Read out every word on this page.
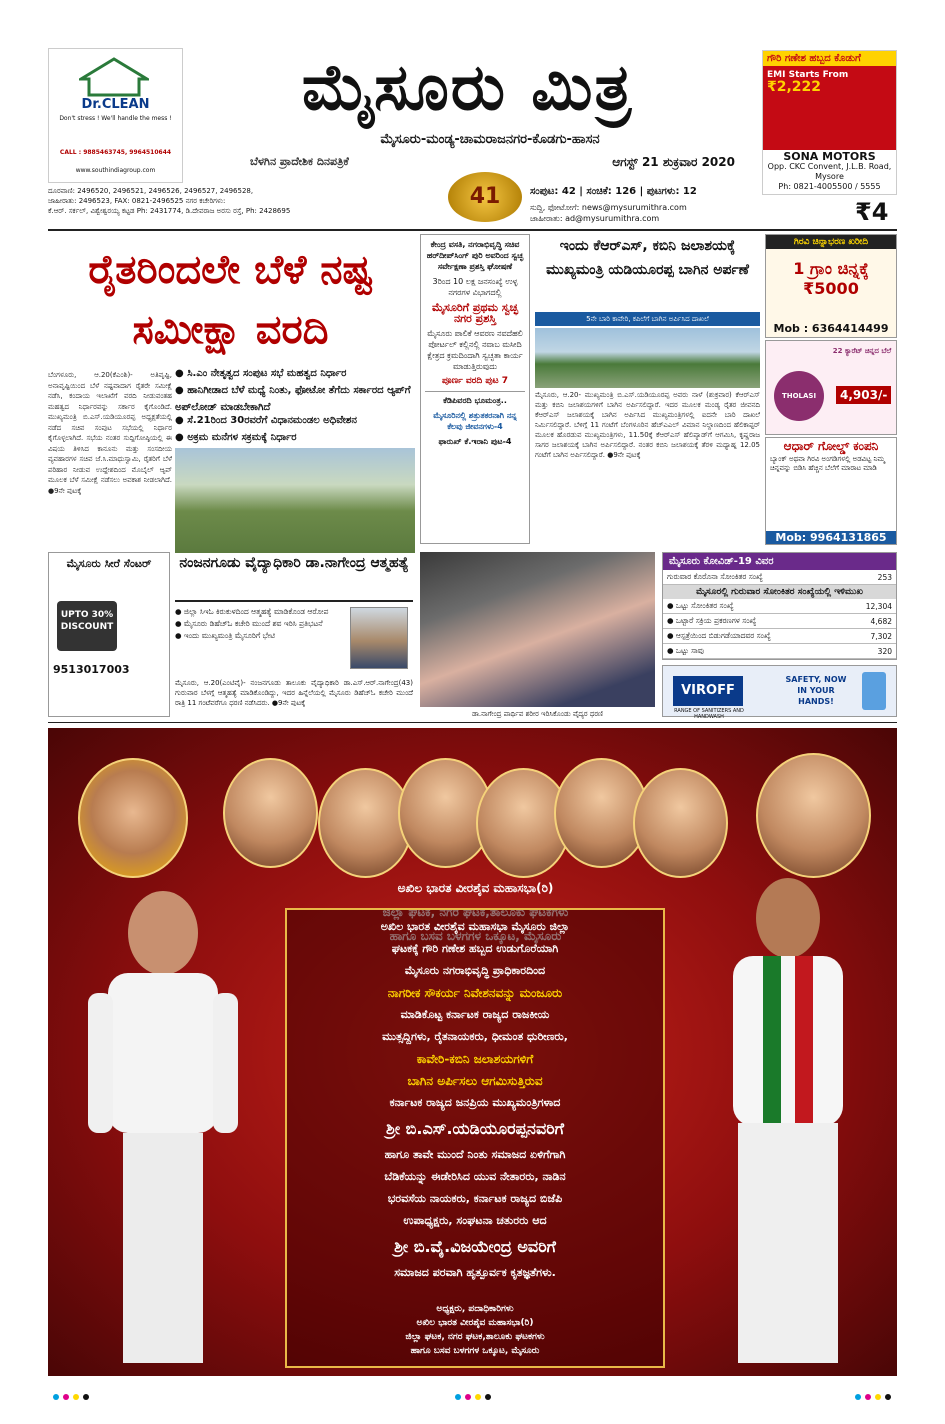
Dr.CLEAN
Don't stress ! We'll handle the mess !
CALL : 9885463745, 9964510644
www.southindiagroup.com
ಮೈಸೂರು ಮಿತ್ರ
ಮೈಸೂರು-ಮಂಡ್ಯ-ಚಾಮರಾಜನಗರ-ಕೊಡಗು-ಹಾಸನ
ಬೆಳಗಿನ ಪ್ರಾದೇಶಿಕ ದಿನಪತ್ರಿಕೆ	ಆಗಸ್ಟ್ 21 ಶುಕ್ರವಾರ 2020
ಗೌರಿ ಗಣೇಶ ಹಬ್ಬದ ಕೊಡುಗೆ
EMI Starts From
₹2,222
SONA MOTORS
Opp. CKC Convent, J.L.B. Road, Mysore
Ph: 0821-4005500 / 5555
ದೂರವಾಣಿ: 2496520, 2496521, 2496526, 2496527, 2496528,
ಜಾಹೀರಾತು: 2496523, FAX: 0821-2496525 ನಗರ ಕಚೇರಿಗಳು:
ಕೆ.ಆರ್. ಸರ್ಕಲ್, ವಿಶ್ವೇಶ್ವರಯ್ಯ ಕಟ್ಟಡ Ph: 2431774, ಡಿ.ದೇವರಾಜ ಅರಸು ರಸ್ತೆ, Ph: 2428695
41	ಸಂಪುಟ: 42 | ಸಂಚಿಕೆ: 126 | ಪುಟಗಳು: 12
ಸುದ್ದಿ, ಫೋಟೋಗೆ: news@mysurumithra.com
ಜಾಹೀರಾತು: ad@mysurumithra.com	₹4
ರೈತರಿಂದಲೇ ಬೆಳೆ ನಷ್ಟ ಸಮೀಕ್ಷಾ ವರದಿ
ಬೆಂಗಳೂರು, ಆ.20(ಕೆಎಂಶಿ)- ಅತಿವೃಷ್ಟಿ, ಅನಾವೃಷ್ಟಿಯಿಂದ ಬೆಳೆ ನಷ್ಟವಾದಾಗ ರೈತರೇ ಸಮೀಕ್ಷೆ ನಡೆಸಿ, ಕಂದಾಯ ಇಲಾಖೆಗೆ ವರದಿ ನೀಡುವಂತಹ ಮಹತ್ವದ ನಿರ್ಧಾರವನ್ನು ಸರ್ಕಾರ ಕೈಗೊಂಡಿದೆ. ಮುಖ್ಯಮಂತ್ರಿ ಬಿ.ಎಸ್.ಯಡಿಯೂರಪ್ಪ ಅಧ್ಯಕ್ಷತೆಯಲ್ಲಿ ನಡೆದ ಸಚಿವ ಸಂಪುಟ ಸಭೆಯಲ್ಲಿ ನಿರ್ಧಾರ ಕೈಗೊಳ್ಳಲಾಗಿದೆ. ಸಭೆಯ ನಂತರ ಸುದ್ದಿಗೋಷ್ಠಿಯಲ್ಲಿ ಈ ವಿಷಯ ತಿಳಿಸಿದ ಕಾನೂನು ಮತ್ತು ಸಂಸದೀಯ ವ್ಯವಹಾರಗಳ ಸಚಿವ ಜೆ.ಸಿ.ಮಾಧುಸ್ವಾಮಿ, ರೈತರಿಗೆ ಬೆಳೆ ಪರಿಹಾರ ನೀಡುವ ಉದ್ದೇಶದಿಂದ ಮೊಬೈಲ್ ಆ್ಯಪ್ ಮೂಲಕ ಬೆಳೆ ಸಮೀಕ್ಷೆ ನಡೆಸಲು ಅವಕಾಶ ನೀಡಲಾಗಿದೆ. ●9ನೇ ಪುಟಕ್ಕೆ
● ಸಿ.ಎಂ ನೇತೃತ್ವದ ಸಂಪುಟ ಸಭೆ ಮಹತ್ವದ ನಿರ್ಧಾರ
● ಹಾನಿಗೀಡಾದ ಬೆಳೆ ಮಧ್ಯೆ ನಿಂತು, ಫೋಟೋ ತೆಗೆದು ಸರ್ಕಾರದ ಆ್ಯಪ್‌ಗೆ ಅಪ್‌ಲೋಡ್ ಮಾಡಬೇಕಾಗಿದೆ
● ಸೆ.21ರಿಂದ 30ರವರೆಗೆ ವಿಧಾನಮಂಡಲ ಅಧಿವೇಶನ
● ಅಕ್ರಮ ಮನೆಗಳ ಸಕ್ರಮಕ್ಕೆ ನಿರ್ಧಾರ
ಕೇಂದ್ರ ವಸತಿ, ನಗರಾಭಿವೃದ್ಧಿ ಸಚಿವ ಹರ್‌ದೀಪ್‌ಸಿಂಗ್ ಪುರಿ ಅವರಿಂದ ಸ್ವಚ್ಛ ಸರ್ವೇಕ್ಷಣಾ ಪ್ರಶಸ್ತಿ ಘೋಷಣೆ
3ರಿಂದ 10 ಲಕ್ಷ ಜನಸಂಖ್ಯೆ ಉಳ್ಳ ನಗರಗಳ ವಿಭಾಗದಲ್ಲಿ
ಮೈಸೂರಿಗೆ ಪ್ರಥಮ ಸ್ವಚ್ಛ ನಗರ ಪ್ರಶಸ್ತಿ
ಮೈಸೂರು ಪಾಲಿಕೆ ಆವರಣ ನವದೆಹಲಿ ಪೋರ್ಟಲ್ ಕಲ್ಲಿನಲ್ಲಿ ನವಾಬ ಮಸೀದಿ ಕ್ಷೇತ್ರದ ಕ್ರಮದಿಂದಾಗಿ ಸ್ವಚ್ಛತಾ ಕಾರ್ಯ ಮಾಡುತ್ತಿರುವುದು
ಪೂರ್ಣ ವರದಿ ಪುಟ 7
ಕೆಡಿಪಿವರದಿ ಭೂಮಂತ್ರ..
ಮೈಸೂರಿನಲ್ಲಿ ಶತ್ರುತಕರನಾಗಿ ನನ್ನ ಕೆಲವು ಜೀವನಗಳು-4
ಫಾರುಖ್ ಕೆ.ಇರಾನಿ ಪುಟ-4
ಇಂದು ಕೆಆರ್‌ಎಸ್, ಕಬಿನಿ ಜಲಾಶಯಕ್ಕೆ ಮುಖ್ಯಮಂತ್ರಿ ಯಡಿಯೂರಪ್ಪ ಬಾಗಿನ ಅರ್ಪಣೆ
5ನೇ ಬಾರಿ ಕಾವೇರಿ, ಕಪಿಲೆಗೆ ಬಾಗಿನ ಅರ್ಪಿಸಿದ ದಾಖಲೆ
ಮೈಸೂರು, ಆ.20- ಮುಖ್ಯಮಂತ್ರಿ ಬಿ.ಎಸ್.ಯಡಿಯೂರಪ್ಪ ಅವರು ನಾಳೆ (ಶುಕ್ರವಾರ) ಕೆಆರ್‌ಎಸ್ ಮತ್ತು ಕಬಿನಿ ಜಲಾಶಯಗಳಿಗೆ ಬಾಗಿನ ಅರ್ಪಿಸಲಿದ್ದಾರೆ. ಇದರ ಮೂಲಕ ಮಂಡ್ಯ ರೈತರ ಜೀವನದಿ ಕೆಆರ್‌ಎಸ್ ಜಲಾಶಯಕ್ಕೆ ಬಾಗಿನ ಅರ್ಪಿಸಿದ ಮುಖ್ಯಮಂತ್ರಿಗಳಲ್ಲಿ ಐದನೇ ಬಾರಿ ದಾಖಲೆ ನಿರ್ಮಿಸಲಿದ್ದಾರೆ. ಬೆಳಿಗ್ಗೆ 11 ಗಂಟೆಗೆ ಬೆಂಗಳೂರಿನ ಹೆಚ್‌ಎಎಲ್ ವಿಮಾನ ನಿಲ್ದಾಣದಿಂದ ಹೆಲಿಕಾಪ್ಟರ್ ಮೂಲಕ ಹೊರಡುವ ಮುಖ್ಯಮಂತ್ರಿಗಳು, 11.50ಕ್ಕೆ ಕೆಆರ್‌ಎಸ್ ಹೆಲಿಪ್ಯಾಡ್‌ಗೆ ಆಗಮಿಸಿ, ಕೃಷ್ಣರಾಜ ಸಾಗರ ಜಲಾಶಯಕ್ಕೆ ಬಾಗಿನ ಅರ್ಪಿಸಲಿದ್ದಾರೆ. ನಂತರ ಕಬಿನಿ ಜಲಾಶಯಕ್ಕೆ ತೆರಳಿ ಮಧ್ಯಾಹ್ನ 12.05 ಗಂಟೆಗೆ ಬಾಗಿನ ಅರ್ಪಿಸಲಿದ್ದಾರೆ. ●9ನೇ ಪುಟಕ್ಕೆ
ಗಿರವಿ ಚಿನ್ನಾಭರಣ ಖರೀದಿ
1 ಗ್ರಾಂ ಚಿನ್ನಕ್ಕೆ ₹5000
Mob : 6364414499
22 ಕ್ಯಾರೆಟ್ ಚಿನ್ನದ ಬೆಲೆ
THOLASI	4,903/-
ಆಧಾರ್ ಗೋಲ್ಡ್ ಕಂಪನಿ
ಬ್ಯಾಂಕ್ ಅಥವಾ ಗಿರವಿ ಅಂಗಡಿಗಳಲ್ಲಿ ಅಡವಿಟ್ಟ ನಿಮ್ಮ ಚಿನ್ನವನ್ನು ಬಿಡಿಸಿ ಹೆಚ್ಚಿನ ಬೆಲೆಗೆ ಮಾರಾಟ ಮಾಡಿ
Mob: 9964131865
ಮೈಸೂರು ಸೀರೆ ಸೆಂಟರ್
UPTO 30% DISCOUNT
9513017003
ನಂಜನಗೂಡು ವೈದ್ಯಾಧಿಕಾರಿ ಡಾ.ನಾಗೇಂದ್ರ ಆತ್ಮಹತ್ಯೆ
● ಜಿಲ್ಲಾ ಸಿಇಓ ಕಿರುಕುಳದಿಂದ ಆತ್ಮಹತ್ಯೆ ಮಾಡಿಕೊಂಡ ಆರೋಪ
● ಮೈಸೂರು ಡಿಹೆಚ್‌ಓ ಕಚೇರಿ ಮುಂದೆ ಶವ ಇರಿಸಿ ಪ್ರತಿಭಟನೆ
● ಇಂದು ಮುಖ್ಯಮಂತ್ರಿ ಮೈಸೂರಿಗೆ ಭೇಟಿ
ಮೈಸೂರು, ಆ.20(ಎಂಟಿವೈ)- ನಂಜನಗೂಡು ತಾಲೂಕು ವೈದ್ಯಾಧಿಕಾರಿ ಡಾ.ಎಸ್.ಆರ್.ನಾಗೇಂದ್ರ(43) ಗುರುವಾರ ಬೆಳಗ್ಗೆ ಆತ್ಮಹತ್ಯೆ ಮಾಡಿಕೊಂಡಿದ್ದು, ಇದರ ಹಿನ್ನೆಲೆಯಲ್ಲಿ ಮೈಸೂರು ಡಿಹೆಚ್‌ಓ ಕಚೇರಿ ಮುಂದೆ ರಾತ್ರಿ 11 ಗಂಟೆವರೆಗೂ ಧರಣಿ ನಡೆಸಿದರು. ●9ನೇ ಪುಟಕ್ಕೆ
ಡಾ.ನಾಗೇಂದ್ರ ಪಾರ್ಥಿವ ಶರೀರ ಇರಿಸಿಕೊಂಡು ವೈದ್ಯರ ಧರಣಿ
ಮೈಸೂರು ಕೋವಿಡ್-19 ವಿವರ
ಗುರುವಾರ ಕೊರೊನಾ ಸೋಂಕಿತರ ಸಂಖ್ಯೆ	253
ಮೈಸೂರಲ್ಲಿ ಗುರುವಾರ ಸೋಂಕಿತರ ಸಂಖ್ಯೆಯಲ್ಲಿ ಇಳಿಮುಖ
● ಒಟ್ಟು ಸೋಂಕಿತರ ಸಂಖ್ಯೆ	12,304
● ಒಟ್ಟಾರೆ ಸಕ್ರಿಯ ಪ್ರಕರಣಗಳ ಸಂಖ್ಯೆ	4,682
● ಆಸ್ಪತ್ರೆಯಿಂದ ಬಿಡುಗಡೆಯಾದವರ ಸಂಖ್ಯೆ	7,302
● ಒಟ್ಟು ಸಾವು	320
VIROFF
RANGE OF SANITIZERS AND HANDWASH
SAFETY, NOW IN YOUR HANDS!
ಅಖಿಲ ಭಾರತ ವೀರಶೈವ ಮಹಾಸಭಾ(ರಿ)
ಅಖಿಲ ಭಾರತ ವೀರಶೈವ ಮಹಾಸಭಾ ಮೈಸೂರು ಜಿಲ್ಲಾ
ಘಟಕಕ್ಕೆ ಗೌರಿ ಗಣೇಶ ಹಬ್ಬದ ಉಡುಗೊರೆಯಾಗಿ
ಮೈಸೂರು ನಗರಾಭಿವೃದ್ಧಿ ಪ್ರಾಧಿಕಾರದಿಂದ
ನಾಗರೀಕ ಸೌಕರ್ಯ ನಿವೇಶನವನ್ನು ಮಂಜೂರು
ಮಾಡಿಕೊಟ್ಟ ಕರ್ನಾಟಕ ರಾಜ್ಯದ ರಾಜಕೀಯ
ಮುತ್ಸದ್ದಿಗಳು, ರೈತನಾಯಕರು, ಧೀಮಂತ ಧುರೀಣರು,
ಕಾವೇರಿ-ಕಬಿನಿ ಜಲಾಶಯಗಳಿಗೆ
ಬಾಗಿನ ಅರ್ಪಿಸಲು ಆಗಮಿಸುತ್ತಿರುವ
ಕರ್ನಾಟಕ ರಾಜ್ಯದ ಜನಪ್ರಿಯ ಮುಖ್ಯಮಂತ್ರಿಗಳಾದ
ಶ್ರೀ ಬಿ.ಎಸ್.ಯಡಿಯೂರಪ್ಪನವರಿಗೆ
ಹಾಗೂ ತಾವೇ ಮುಂದೆ ನಿಂತು ಸಮಾಜದ ಏಳಿಗೆಗಾಗಿ
ಬೆಡಿಕೆಯನ್ನು ಈಡೇರಿಸಿದ ಯುವ ನೇತಾರರು, ನಾಡಿನ
ಭರವಸೆಯ ನಾಯಕರು, ಕರ್ನಾಟಕ ರಾಜ್ಯದ ಬಿಜೆಪಿ
ಉಪಾಧ್ಯಕ್ಷರು, ಸಂಘಟನಾ ಚತುರರು ಆದ
ಶ್ರೀ ಬಿ.ವೈ.ವಿಜಯೇಂದ್ರ ಅವರಿಗೆ
ಸಮಾಜದ ಪರವಾಗಿ ಹೃತ್ಪೂರ್ವಕ ಕೃತಜ್ಞತೆಗಳು.
ಅಧ್ಯಕ್ಷರು, ಪದಾಧಿಕಾರಿಗಳು
ಅಖಿಲ ಭಾರತ ವೀರಶೈವ ಮಹಾಸಭಾ(ರಿ)
ಜಿಲ್ಲಾ ಘಟಕ, ನಗರ ಘಟಕ,ತಾಲೂಕು ಘಟಕಗಳು
ಹಾಗೂ ಬಸವ ಬಳಗಗಳ ಒಕ್ಕೂಟ, ಮೈಸೂರು
